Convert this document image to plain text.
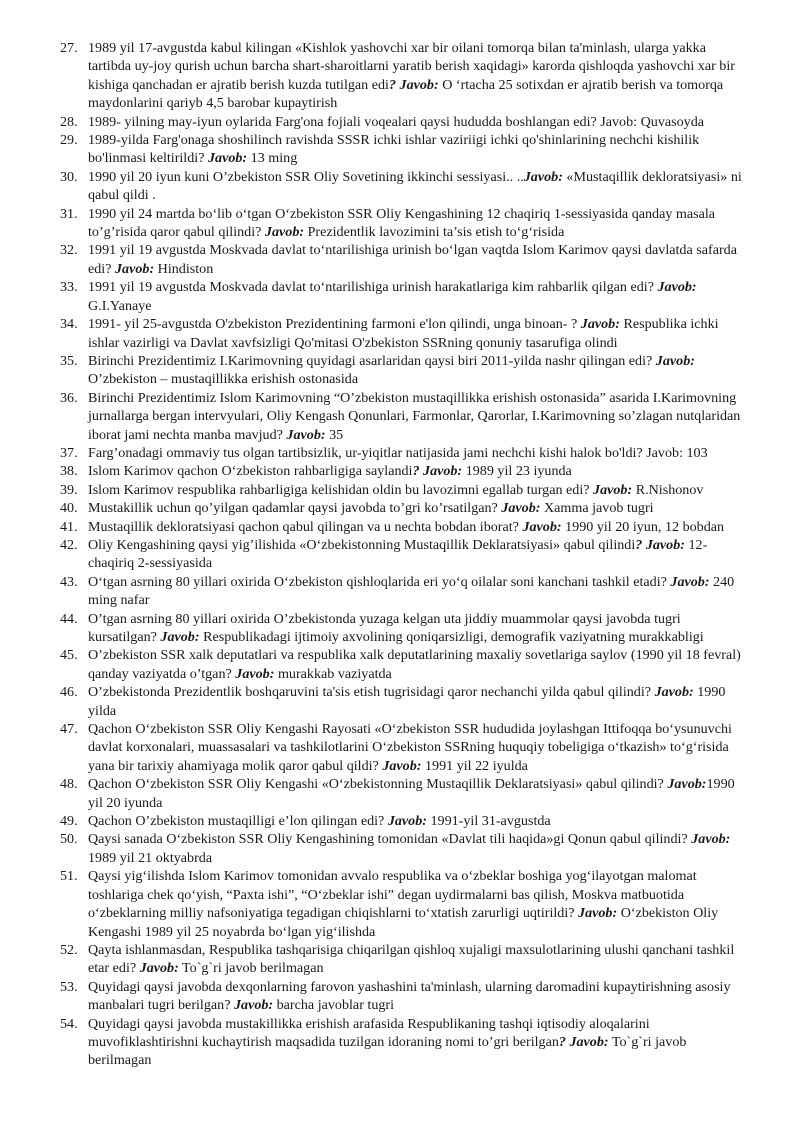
27. 1989 yil 17-avgustda kabul kilingan «Kishlok yashovchi xar bir oilani tomorqa bilan ta'minlash, ularga yakka tartibda uy-joy qurish uchun barcha shart-sharoitlarni yaratib berish xaqidagi» karorda qishloqda yashovchi xar bir kishiga qanchadan er ajratib berish kuzda tutilgan edi? Javob: O ‘rtacha 25 sotixdan er ajratib berish va tomorqa maydonlarini qariyb 4,5 barobar kupaytirish
28. 1989- yilning may-iyun oylarida Farg'ona fojiali voqealari qaysi hududda boshlangan edi? Javob: Quvasoyda
29. 1989-yilda Farg'onaga shoshilinch ravishda SSSR ichki ishlar vaziriigi ichki qo'shinlarining nechchi kishilik bo'linmasi keltirildi? Javob: 13 ming
30. 1990 yil 20 iyun kuni O’zbekiston SSR Oliy Sovetining ikkinchi sessiyasi.. ..Javob: «Mustaqillik dekloratsiyasi» ni qabul qildi .
31. 1990 yil 24 martda bo‘lib o‘tgan O‘zbekiston SSR Oliy Kengashining 12 chaqiriq 1-sessiyasida qanday masala to’g’risida qaror qabul qilindi? Javob: Prezidentlik lavozimini ta’sis etish to‘g‘risida
32. 1991 yil 19 avgustda Moskvada davlat to‘ntarilishiga urinish bo‘lgan vaqtda Islom Karimov qaysi davlatda safarda edi? Javob: Hindiston
33. 1991 yil 19 avgustda Moskvada davlat to‘ntarilishiga urinish harakatlariga kim rahbarlik qilgan edi? Javob: G.I.Yanaye
34. 1991- yil 25-avgustda O'zbekiston Prezidentining farmoni e'lon qilindi, unga binoan- ? Javob: Respublika ichki ishlar vazirligi va Davlat xavfsizligi Qo'mitasi O'zbekiston SSRning qonuniy tasarufiga olindi
35. Birinchi Prezidentimiz I.Karimovning quyidagi asarlaridan qaysi biri 2011-yilda nashr qilingan edi? Javob: O’zbekiston – mustaqillikka erishish ostonasida
36. Birinchi Prezidentimiz Islom Karimovning “O’zbekiston mustaqillikka erishish ostonasida” asarida I.Karimovning jurnallarga bergan intervyulari, Oliy Kengash Qonunlari, Farmonlar, Qarorlar, I.Karimovning so’zlagan nutqlaridan iborat jami nechta manba mavjud? Javob: 35
37. Farg’onadagi ommaviy tus olgan tartibsizlik, ur-yiqitlar natijasida jami nechchi kishi halok bo'ldi? Javob: 103
38. Islom Karimov qachon O‘zbekiston rahbarligiga saylandi? Javob: 1989 yil 23 iyunda
39. Islom Karimov respublika rahbarligiga kelishidan oldin bu lavozimni egallab turgan edi? Javob: R.Nishonov
40. Mustakillik uchun qo’yilgan qadamlar qaysi javobda to’gri ko’rsatilgan? Javob: Xamma javob tugri
41. Mustaqillik dekloratsiyasi qachon qabul qilingan va u nechta bobdan iborat? Javob: 1990 yil 20 iyun, 12 bobdan
42. Oliy Kengashining qaysi yig’ilishida «O‘zbekistonning Mustaqillik Deklaratsiyasi» qabul qilindi? Javob: 12-chaqiriq 2-sessiyasida
43. O‘tgan asrning 80 yillari oxirida O‘zbekiston qishloqlarida eri yo‘q oilalar soni kanchani tashkil etadi? Javob: 240 ming nafar
44. O’tgan asrning 80 yillari oxirida O’zbekistonda yuzaga kelgan uta jiddiy muammolar qaysi javobda tugri kursatilgan? Javob: Respublikadagi ijtimoiy axvolining qoniqarsizligi, demografik vaziyatning murakkabligi
45. O’zbekiston SSR xalk deputatlari va respublika xalk deputatlarining maxaliy sovetlariga saylov (1990 yil 18 fevral) qanday vaziyatda o’tgan? Javob: murakkab vaziyatda
46. O’zbekistonda Prezidentlik boshqaruvini ta'sis etish tugrisidagi qaror nechanchi yilda qabul qilindi? Javob: 1990 yilda
47. Qachon O‘zbekiston SSR Oliy Kengashi Rayosati «O‘zbekiston SSR hududida joylashgan Ittifoqqa bo‘ysunuvchi davlat korxonalari, muassasalari va tashkilotlarini O‘zbekiston SSRning huquqiy tobeligiga o‘tkazish» to‘g‘risida yana bir tarixiy ahamiyaga molik qaror qabul qildi? Javob: 1991 yil 22 iyulda
48. Qachon O‘zbekiston SSR Oliy Kengashi «O‘zbekistonning Mustaqillik Deklaratsiyasi» qabul qilindi? Javob:1990 yil 20 iyunda
49. Qachon O’zbekiston mustaqilligi e’lon qilingan edi? Javob: 1991-yil 31-avgustda
50. Qaysi sanada O‘zbekiston SSR Oliy Kengashining tomonidan «Davlat tili haqida»gi Qonun qabul qilindi? Javob: 1989 yil 21 oktyabrda
51. Qaysi yig‘ilishda Islom Karimov tomonidan avvalo respublika va o‘zbeklar boshiga yog‘ilayotgan malomat toshlariga chek qo‘yish, “Paxta ishi”, “O‘zbeklar ishi” degan uydirmalarni bas qilish, Moskva matbuotida o‘zbeklarning milliy nafsoniyatiga tegadigan chiqishlarni to‘xtatish zarurligi uqtirildi? Javob: O‘zbekiston Oliy Kengashi 1989 yil 25 noyabrda bo‘lgan yig‘ilishda
52. Qayta ishlanmasdan, Respublika tashqarisiga chiqarilgan qishloq xujaligi maxsulotlarining ulushi qanchani tashkil etar edi? Javob: To`g`ri javob berilmagan
53. Quyidagi qaysi javobda dexqonlarning farovon yashashini ta'minlash, ularning daromadini kupaytirishning asosiy manbalari tugri berilgan? Javob: barcha javoblar tugri
54. Quyidagi qaysi javobda mustakillikka erishish arafasida Respublikaning tashqi iqtisodiy aloqalarini muvofiklashtirishni kuchaytirish maqsadida tuzilgan idoraning nomi to’gri berilgan? Javob: To`g`ri javob berilmagan
